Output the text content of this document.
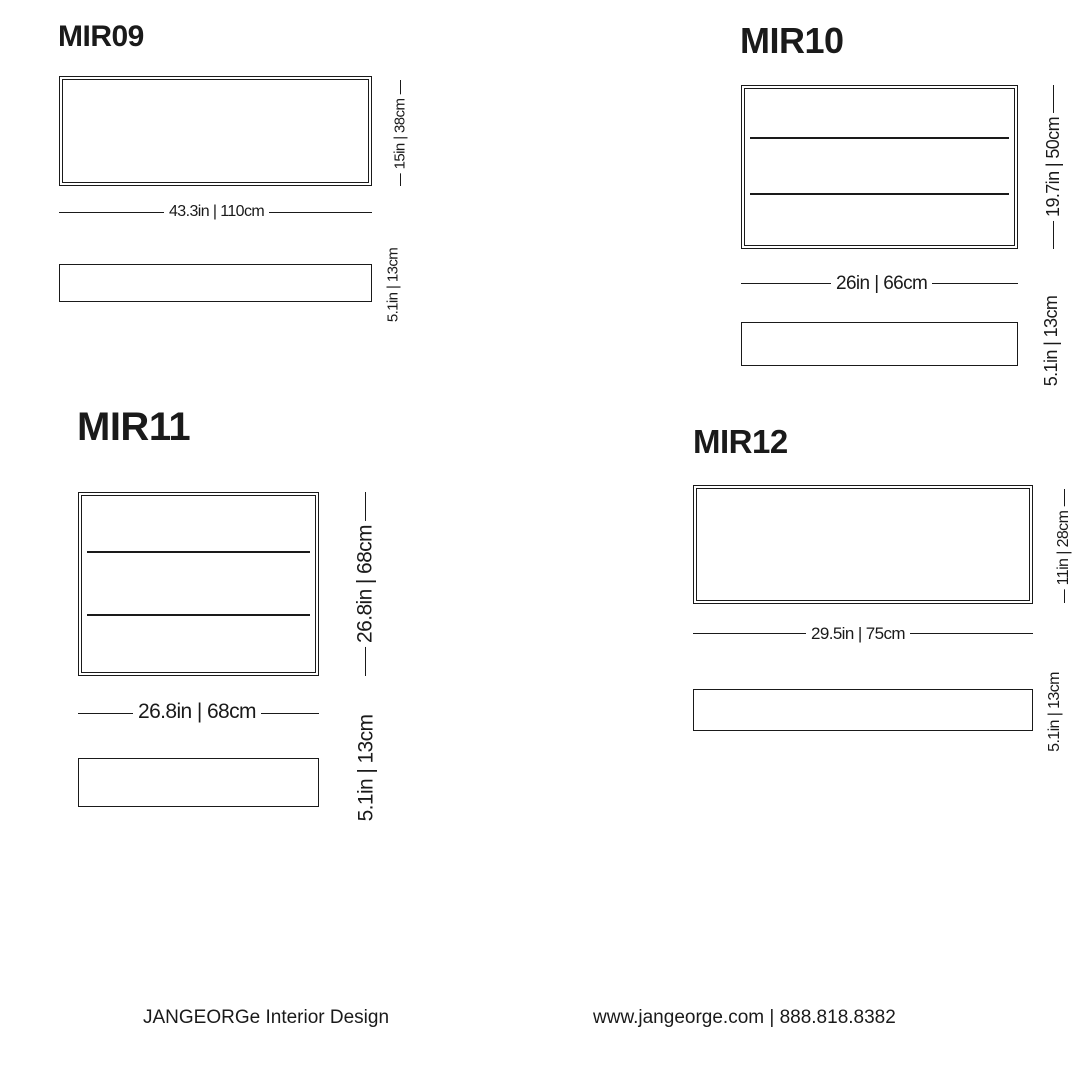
MIR09
15in | 38cm
43.3in | 110cm
5.1in | 13cm
MIR10
19.7in | 50cm
26in | 66cm
5.1in | 13cm
MIR11
26.8in | 68cm
26.8in | 68cm
5.1in | 13cm
MIR12
11in | 28cm
29.5in | 75cm
5.1in | 13cm
JANGEORGe Interior Design	www.jangeorge.com | 888.818.8382
